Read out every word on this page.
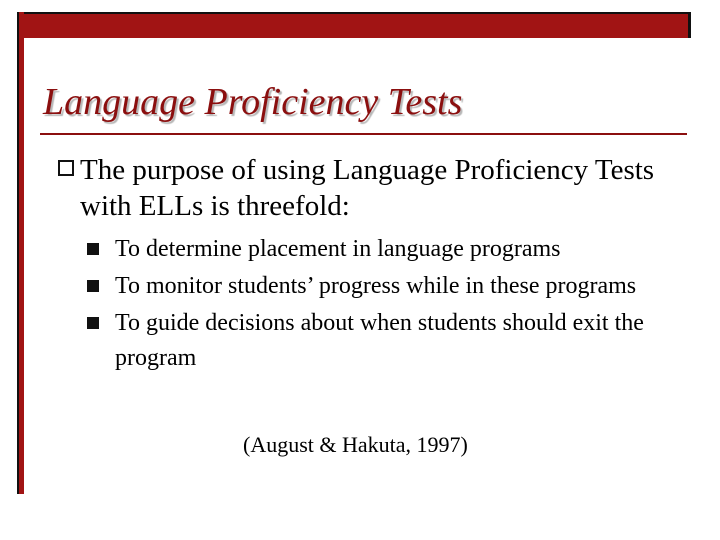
Language Proficiency Tests
The purpose of using Language Proficiency Tests with ELLs is threefold:
To determine placement in language programs
To monitor students’ progress while in these programs
To guide decisions about when students should exit the program
(August & Hakuta, 1997)
